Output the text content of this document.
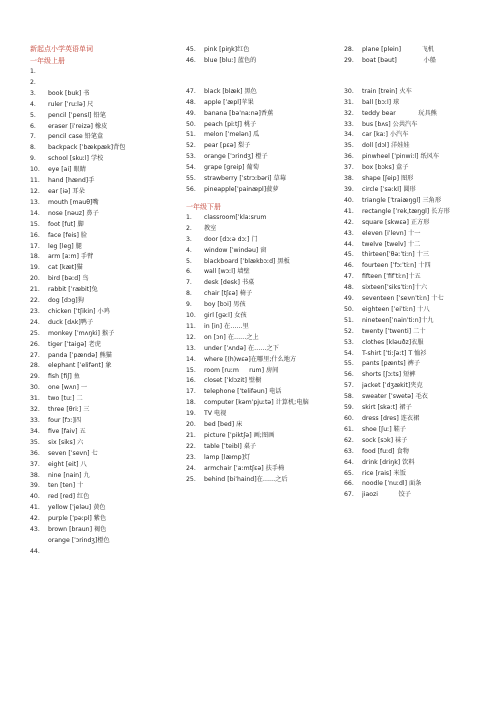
新起点小学英语单词
一年级上册
1.
2.
3.	book [buk] 书
4.	ruler [ˈruːlə] 尺
5.	pencil [ˈpensl] 铅笔
6.	eraser [iˈreizə] 橡皮
7.	pencil case 铅笔盒
8.	backpack [ˈbækpæk]背包
9.	school [skuːl] 学校
10.	eye [ai] 眼睛
11.	hand [hænd]手
12.	ear [iə] 耳朵
13.	mouth [mauθ]嘴
14.	nose [nəuz] 鼻子
15.	foot [fut] 脚
16.	face [feis] 脸
17.	leg [leg] 腿
18.	arm [aːm] 手臂
19.	cat [kæt]猫
20.	bird [bəːd] 鸟
21.	rabbit [ˈræbit]兔
22.	dog [dɔg]狗
23.	chicken [ˈtʃikin] 小鸡
24.	duck [dʌk]鸭子
25.	monkey [ˈmʌŋki] 猴子
26.	tiger [ˈtaigə] 老虎
27.	panda [ˈpændə] 熊猫
28.	elephant [ˈelifənt] 象
29.	fish [fiʃ] 鱼
30.	one [wʌn] 一
31.	two [tuː] 二
32.	three [θriː] 三
33.	four [fɔː]四
34.	five [faiv] 五
35.	six [siks] 六
36.	seven [ˈsevn] 七
37.	eight [eit] 八
38.	nine [nain] 九
39.	ten [ten] 十
40.	red [red] 红色
41.	yellow [ˈjeləu] 黄色
42.	purple [ˈpəːpl] 紫色
43.	brown [braun] 褐色
orange [ˈɔrindʒ]橙色
44.
45.	pink [piŋk]红色
46.	blue [bluː] 蓝色的
47.	black [blæk] 黑色
48.	apple [ˈæpl]苹果
49.	banana [bəˈnaːnə]香蕉
50.	peach [piːtʃ] 桃子
51.	melon [ˈmelən] 瓜
52.	pear [pεə] 梨子
53.	orange [ˈɔrindʒ] 橙子
54.	grape [greip] 葡萄
55.	strawberry [ˈstrɔːbəri] 草莓
56.	pineapple[ˈpainæpl]菠萝
一年级下册
1.	classroom[ˈklaːsrum
2.	教室
3.	door [dɔːə dɔː] 门
4.	window [ˈwindəu] 窗
5.	blackboard [ˈblækbɔːd] 黑板
6.	wall [wɔːl] 墙壁
7.	desk [desk] 书桌
8.	chair [tʃεə] 椅子
9.	boy [bɔi] 男孩
10.	girl [gəːl] 女孩
11.	in [in] 在……里
12.	on [ɔn] 在……之上
13.	under [ˈʌndə] 在……之下
14.	where [(h)wεə]在哪里;什么地方
15.	room [ruːm 　 rum] 房间
16.	closet [ˈklɔzit] 壁橱
17.	telephone [ˈtelifəun] 电话
18.	computer [kəmˈpjuːtə] 计算机;电脑
19.	TV 电视
20.	bed [bed] 床
21.	picture [ˈpiktʃə] 画;图画
22.	table [ˈteibl] 桌子
23.	lamp [læmp]灯
24.	armchair [ˈaːmtʃεə] 扶手椅
25.	behind [biˈhaind]在……之后
28.	plane [plein] 　　　飞机
29.	boat [bəut] 　　　　小船
30.	train [trein] 火车
31.	ball [bɔːl] 球
32.	teddy bear 　　　 玩具熊
33.	bus [bʌs] 公共汽车
34.	car [kaː] 小汽车
35.	doll [dɔl] 洋娃娃
36.	pinwheel [ˈpinwiːl] 纸风车
37.	box [bɔks] 盒子
38.	shape [ʃeip] 图形
39.	circle [ˈsəːkl] 圆形
40.	triangle [ˈtraiæŋgl] 三角形
41.	rectangle [ˈrekˌtæŋgl] 长方形
42.	square [skwεə] 正方形
43.	eleven [iˈlevn] 十一
44.	twelve [twelv] 十二
45.	thirteen[ˈθəːˈtiːn] 十三
46.	fourteen [ˈfɔːˈtiːn] 十四
47.	fifteen [ˈfifˈtiːn]十五
48.	sixteen[ˈsiksˈtiːn]十六
49.	seventeen [ˈsevnˈtiːn] 十七
50.	eighteen [ˈeiˈtiːn] 十八
51.	nineteen[ˈnainˈtiːn]十九
52.	twenty [ˈtwenti] 二十
53.	clothes [kləuðz]衣服
54.	T-shirt [ˈtiːʃəːt] T 恤衫
55.	pants [pænts] 裤子
56.	shorts [ʃɔːts] 短裤
57.	jacket [ˈdʒækit]夹克
58.	sweater [ˈswetə] 毛衣
59.	skirt [skəːt] 裙子
60.	dress [dres] 连衣裙
61.	shoe [ʃuː] 鞋子
62.	sock [sɔk] 袜子
63.	food [fuːd] 食物
64.	drink [driŋk] 饮料
65.	rice [rais] 米饭
66.	noodle [ˈnuːdl] 面条
67.	jiaozi 　　　饺子
